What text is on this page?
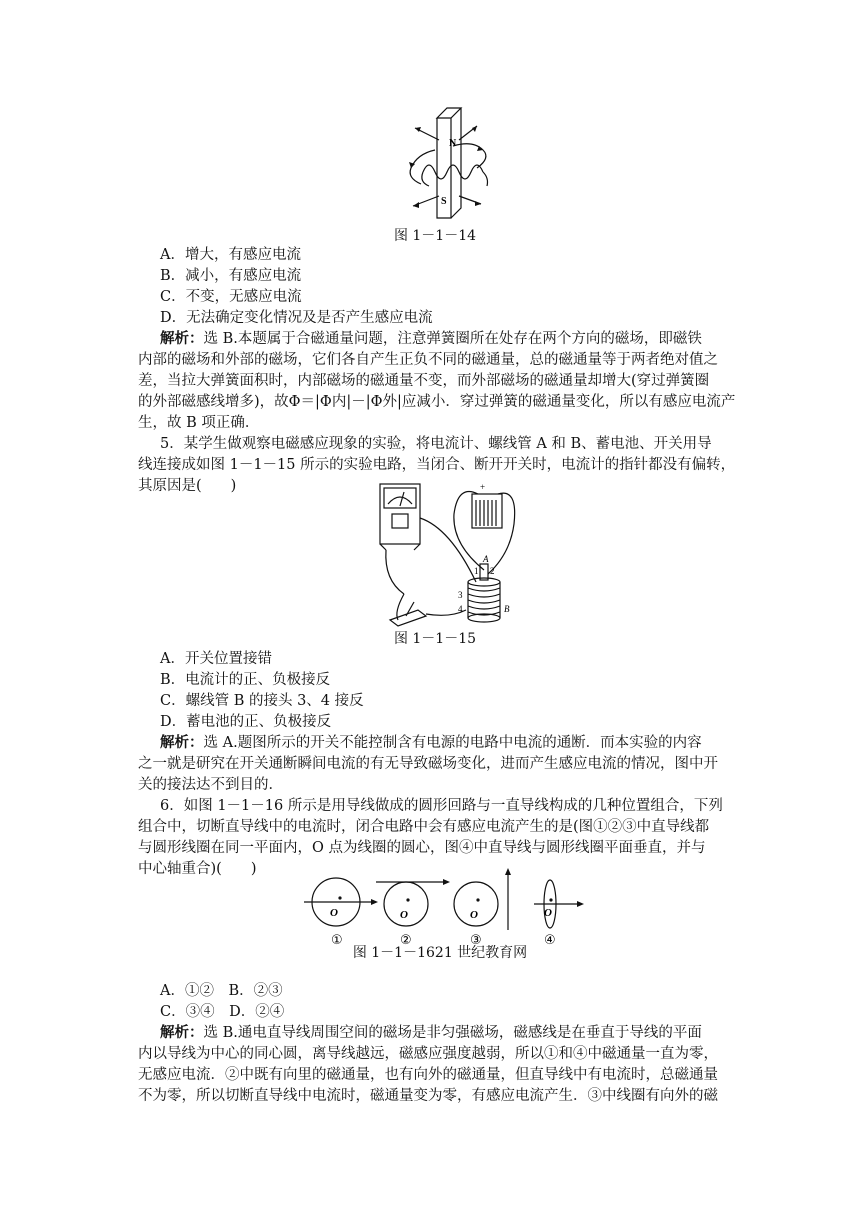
N
S
图 1－1－14
A．增大，有感应电流
B．减小，有感应电流
C．不变，无感应电流
D．无法确定变化情况及是否产生感应电流
解析：选 B.本题属于合磁通量问题，注意弹簧圈所在处存在两个方向的磁场，即磁铁
内部的磁场和外部的磁场，它们各自产生正负不同的磁通量，总的磁通量等于两者绝对值之
差，当拉大弹簧面积时，内部磁场的磁通量不变，而外部磁场的磁通量却增大(穿过弹簧圈
的外部磁感线增多)，故Φ＝|Φ内|－|Φ外|应减小．穿过弹簧的磁通量变化，所以有感应电流产
生，故 B 项正确．
5．某学生做观察电磁感应现象的实验，将电流计、螺线管 A 和 B、蓄电池、开关用导
线连接成如图 1－1－15 所示的实验电路，当闭合、断开开关时，电流计的指针都没有偏转，
其原因是(　　)	+
A
1 2
3
4	B
图 1－1－15
A．开关位置接错
B．电流计的正、负极接反
C．螺线管 B 的接头 3、4 接反
D．蓄电池的正、负极接反
解析：选 A.题图所示的开关不能控制含有电源的电路中电流的通断．而本实验的内容
之一就是研究在开关通断瞬间电流的有无导致磁场变化，进而产生感应电流的情况，图中开
关的接法达不到目的．
6．如图 1－1－16 所示是用导线做成的圆形回路与一直导线构成的几种位置组合，下列
组合中，切断直导线中的电流时，闭合电路中会有感应电流产生的是(图①②③中直导线都
与圆形线圈在同一平面内，O 点为线圈的圆心，图④中直导线与圆形线圈平面垂直，并与
中心轴重合)(　　)
O	O	O	O
①	②	③	④
图 1－1－1621 世纪教育网
A．①②　B．②③
C．③④　D．②④
解析：选 B.通电直导线周围空间的磁场是非匀强磁场，磁感线是在垂直于导线的平面
内以导线为中心的同心圆，离导线越远，磁感应强度越弱，所以①和④中磁通量一直为零，
无感应电流．②中既有向里的磁通量，也有向外的磁通量，但直导线中有电流时，总磁通量
不为零，所以切断直导线中电流时，磁通量变为零，有感应电流产生．③中线圈有向外的磁
